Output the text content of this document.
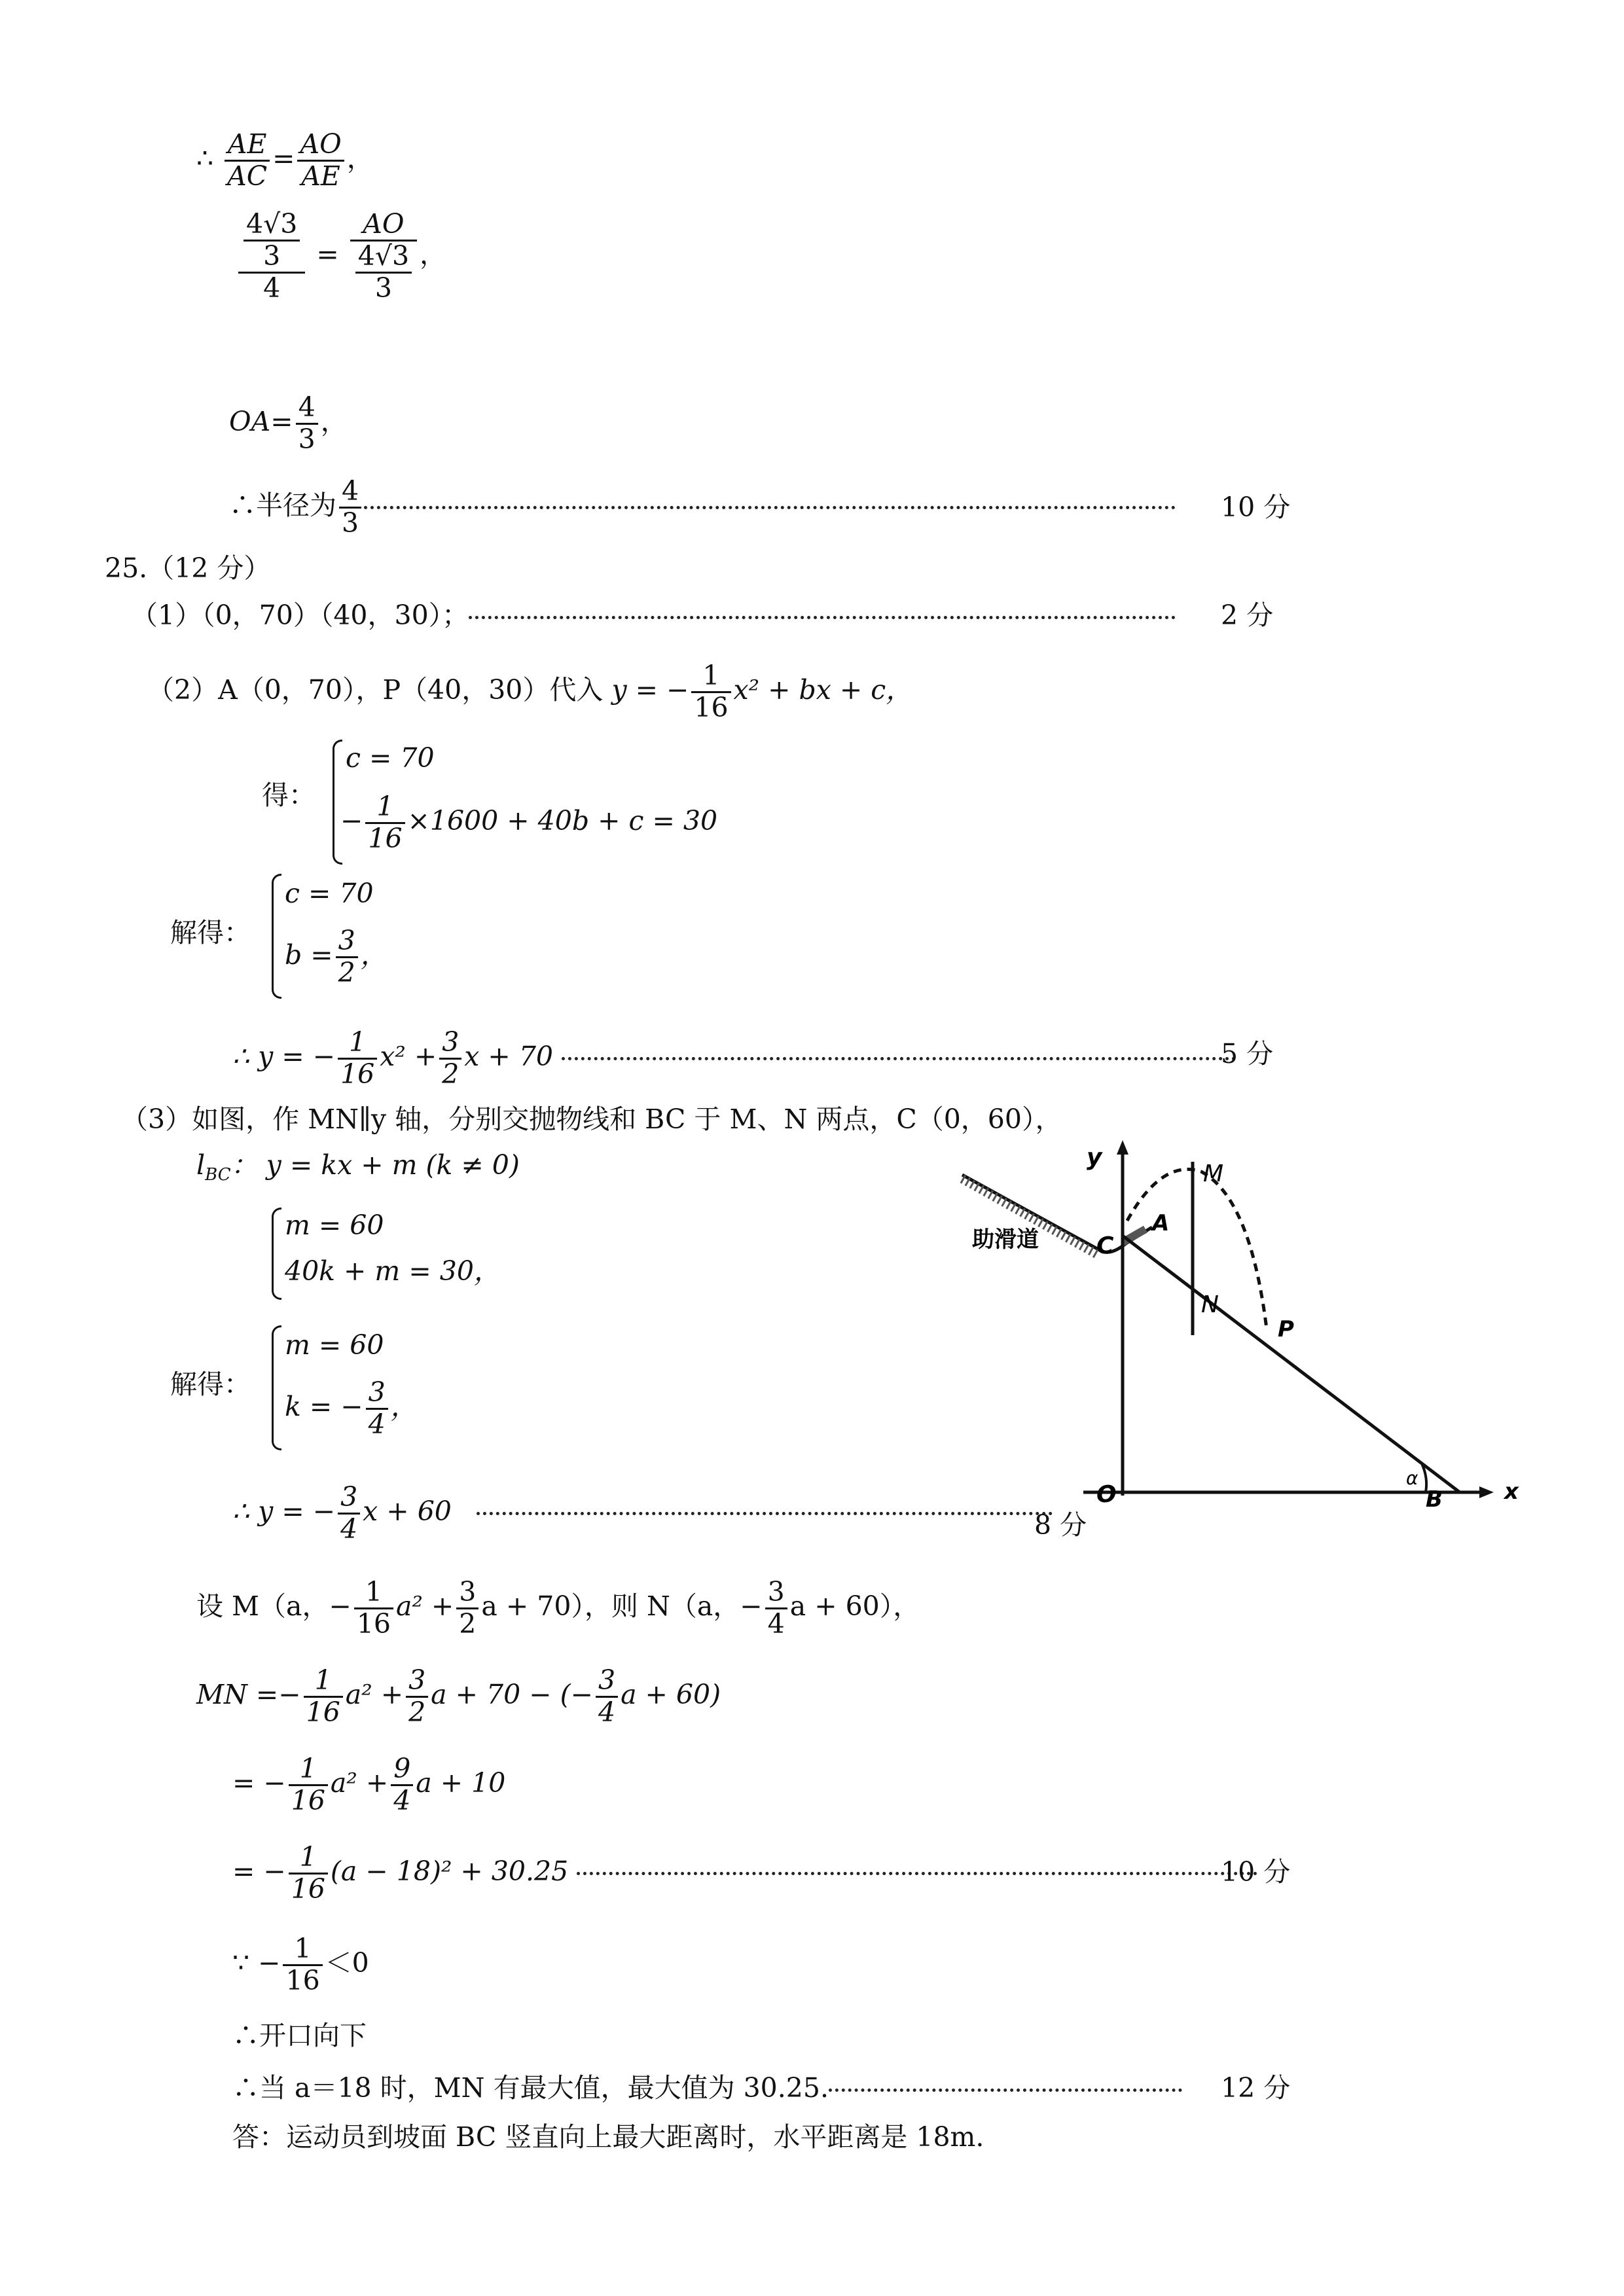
∴ $\frac{AE}{AC} = \frac{AO}{AE}$ ，
$\frac{\frac{4√3}{3}}{4} = \frac{AO}{\frac{4√3}{3}}$ ，
$OA= \frac{4}{3}$ ，
∴半径为 $\frac{4}{3}$	10 分
25.（12 分）
（1）（0，70）（40，30）；	2 分
（2）A（0，70），P（40，30）代入 y = − $\frac{1}{16} x^2$ + bx + c，
得：
c = 70
− $\frac{1}{16} \times 1600 + 40b + c = 30$
解得：
c = 70
$b = \frac{3}{2}$ ，
∴ y = − $\frac{1}{16} x^2 + \frac{3}{2}$ x + 70	5 分
（3）如图，作 MN∥y 轴，分别交抛物线和 BC 于 M、N 两点，C（0，60），
$l_{BC}$： y = kx + m (k ≠ 0)
m = 60
40k + m = 30，
解得：
m = 60
k = − $\frac{3}{4}$ ，
∴ y = − $\frac{3}{4}$ x + 60	8 分
设 M（a，− $\frac{1}{16} a^2 + \frac{3}{2}$ a + 70），则 N（a，− $\frac{3}{4}$ a + 60），
MN =− $\frac{1}{16} a^2 + \frac{3}{2}$ a + 70 − (− $\frac{3}{4}$ a + 60)
= − $\frac{1}{16} a^2 + \frac{9}{4}$ a + 10
= − $\frac{1}{16} (a - 18)^2 + 30.25$	10 分
∵ − $\frac{1}{16} <0$
∴开口向下
∴当 a＝18 时，MN 有最大值，最大值为 30.25.	12 分
答：运动员到坡面 BC 竖直向上最大距离时，水平距离是 18m.
助滑道
y
x
O
A
C
M
N
P
B
α
